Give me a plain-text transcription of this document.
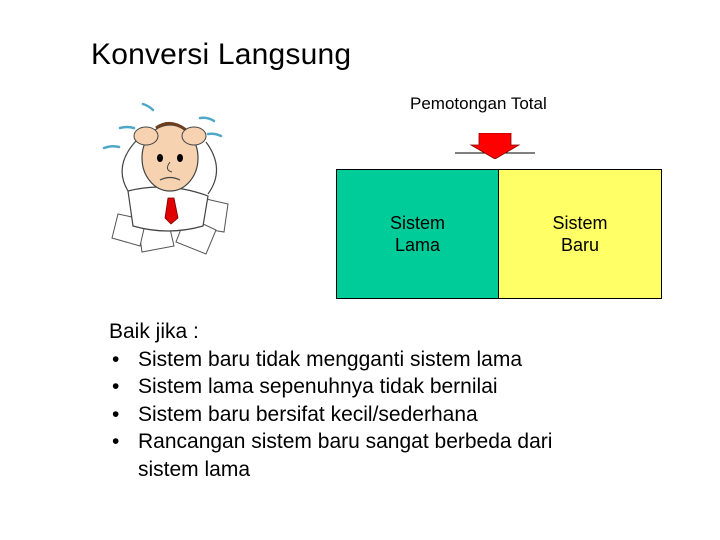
Konversi Langsung
Pemotongan Total
Sistem
Lama
Sistem
Baru
Baik jika :
• Sistem baru tidak mengganti sistem lama
• Sistem lama sepenuhnya tidak bernilai
• Sistem baru bersifat kecil/sederhana
• Rancangan sistem baru sangat berbeda dari sistem lama
